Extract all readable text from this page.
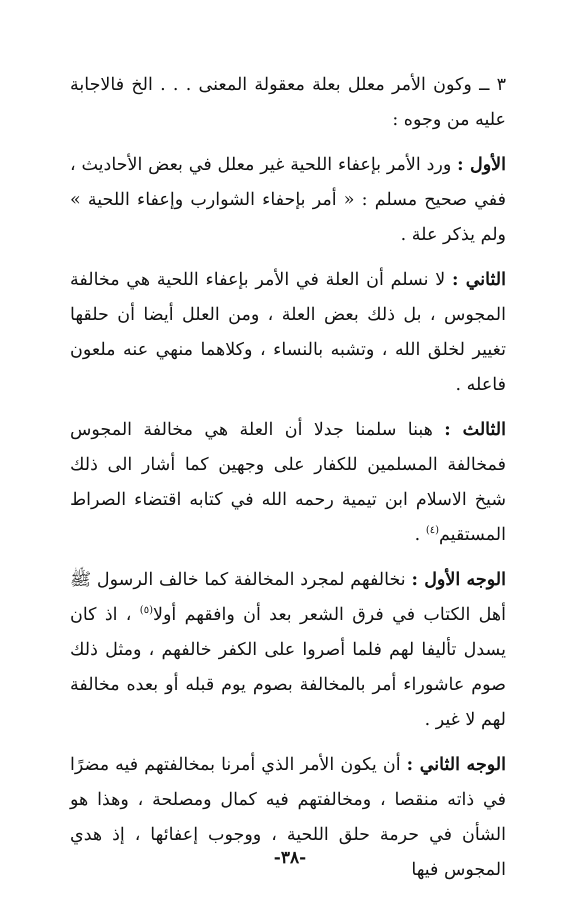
٣ ــ وكون الأمر معلل بعلة معقولة المعنى . . . الخ فالاجابة عليه من وجوه :

الأول : ورد الأمر بإعفاء اللحية غير معلل في بعض الأحاديث ، ففي صحيح مسلم : « أمر بإحفاء الشوارب وإعفاء اللحية » ولم يذكر علة .

الثاني : لا نسلم أن العلة في الأمر بإعفاء اللحية هي مخالفة المجوس ، بل ذلك بعض العلة ، ومن العلل أيضا أن حلقها تغيير لخلق الله ، وتشبه بالنساء ، وكلاهما منهي عنه ملعون فاعله .

الثالث : هبنا سلمنا جدلا أن العلة هي مخالفة المجوس فمخالفة المسلمين للكفار على وجهين كما أشار الى ذلك شيخ الاسلام ابن تيمية رحمه الله في كتابه اقتضاء الصراط المستقيم$^{(٤)}$ .

الوجه الأول : نخالفهم لمجرد المخالفة كما خالف الرسول ﷺ أهل الكتاب في فرق الشعر بعد أن وافقهم أولا$^{(٥)}$ ، اذ كان يسدل تأليفا لهم فلما أصروا على الكفر خالفهم ، ومثل ذلك صوم عاشوراء أمر بالمخالفة بصوم يوم قبله أو بعده مخالفة لهم لا غير .

الوجه الثاني : أن يكون الأمر الذي أمرنا بمخالفتهم فيه مضرًا في ذاته منقصا ، ومخالفتهم فيه كمال ومصلحة ، وهذا هو الشأن في حرمة حلق اللحية ، ووجوب إعفائها ، إذ هدي المجوس فيها

-٣٨-
